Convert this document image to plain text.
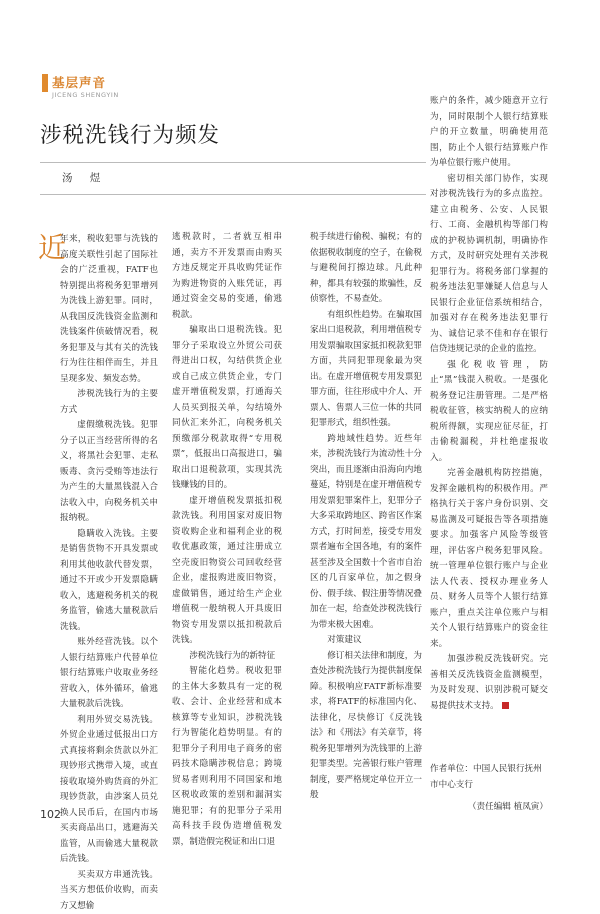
基层声音
JICENG SHENGYIN
涉税洗钱行为频发
汤 煜
近

年来，税收犯罪与洗钱的高度关联性引起了国际社会的广泛重视，FATF也特别提出将税务犯罪增列为洗钱上游犯罪。同时，从我国反洗钱资金监测和洗钱案件侦破情况看，税务犯罪及与其有关的洗钱行为往往相伴而生，并且呈现多发、频发态势。

涉税洗钱行为的主要方式

虚假缴税洗钱。犯罪分子以正当经营所得的名义，将黑社会犯罪、走私贩毒、贪污受贿等违法行为产生的大量黑钱混入合法收入中，向税务机关申报纳税。

隐瞒收入洗钱。主要是销售货物不开具发票或利用其他收款代替发票，通过不开或少开发票隐瞒收入，逃避税务机关的税务监管，偷逃大量税款后洗钱。

账外经营洗钱。以个人银行结算账户代替单位银行结算账户收取业务经营收入，体外循环，偷逃大量税款后洗钱。

利用外贸交易洗钱。外贸企业通过低报出口方式真接将剩余货款以外汇现钞形式携带入境，或直接收取境外购货商的外汇现钞货款，由涉案人员兑换人民币后，在国内市场买卖商品出口，逃避海关监管，从而偷逃大量税款后洗钱。

买卖双方串通洗钱。当买方想低价收购，而卖方又想偷

逃税款时，二者就互相串通，卖方不开发票而由购买方违反规定开具收购凭证作为购进物资的入账凭证，再通过资金交易的变通，偷逃税款。

骗取出口退税洗钱。犯罪分子采取设立外贸公司获得进出口权，勾结供货企业或自己成立供货企业，专门虚开增值税发票，打通海关人员买到报关单，勾结境外同伙汇来外汇，向税务机关预缴部分税款取得“专用税票”，低报出口高报进口，骗取出口退税款项，实现其洗钱赚钱的目的。

虚开增值税发票抵扣税款洗钱。利用国家对废旧物资收购企业和福利企业的税收优惠政策，通过注册成立空壳废旧物资公司回收经营企业，虚报购进废旧物资，虚做销售，通过给生产企业增值税一般纳税人开具废旧物资专用发票以抵扣税款后洗钱。

涉税洗钱行为的新特征

智能化趋势。税收犯罪的主体大多数具有一定的税收、会计、企业经营和成本核算等专业知识，涉税洗钱行为智能化趋势明显。有的犯罪分子利用电子商务的密码技术隐瞒涉税信息；跨境贸易者则利用不同国家和地区税收政策的差别和漏洞实施犯罪；有的犯罪分子采用高科技手段伪造增值税发票，制造假完税证和出口退

税手续进行偷税、骗税；有的依据税收制度的空子，在偷税与避税间打擦边球。凡此种种，都具有较强的欺骗性，反侦察性，不易查处。

有组织性趋势。在骗取国家出口退税款，利用增值税专用发票骗取国家抵扣税款犯罪方面，共同犯罪现象最为突出。在虚开增值税专用发票犯罪方面，往往形成中介人、开票人、售票人三位一体的共同犯罪形式，组织性强。

跨地域性趋势。近些年来，涉税洗钱行为流动性十分突出，而且逐渐由沿海向内地蔓延，特别是在虚开增值税专用发票犯罪案件上，犯罪分子大多采取跨地区、跨省区作案方式，打时间差，接受专用发票者遍布全国各地，有的案件甚至涉及全国数十个省市自治区的几百家单位，加之假身份、假手续、假注册等情况叠加在一起，给查处涉税洗钱行为带来极大困难。

对策建议

修订相关法律和制度，为查处涉税洗钱行为提供制度保障。积极响应FATF新标准要求，将FATF的标准国内化、法律化，尽快修订《反洗钱法》和《刑法》有关章节，将税务犯罪增列为洗钱罪的上游犯罪类型。完善银行账户管理制度，要严格规定单位开立一般

账户的条件，减少随意开立行为，同时限制个人银行结算账户的开立数量，明确使用范围，防止个人银行结算账户作为单位银行账户使用。

密切相关部门协作，实现对涉税洗钱行为的多点监控。建立由税务、公安、人民银行、工商、金融机构等部门构成的护税协调机制，明确协作方式，及时研究处理有关涉税犯罪行为。将税务部门掌握的税务违法犯罪嫌疑人信息与人民银行企业征信系统相结合，加强对存在税务违法犯罪行为、诚信记录不佳和存在银行信贷违规记录的企业的监控。

强化税收管理，防止“黑”钱混入税收。一是强化税务登记注册管理。二是严格税收征管，核实纳税人的应纳税所得额，实现应征尽征，打击偷税漏税，并杜绝虚报收入。

完善金融机构防控措施，发挥金融机构的积极作用。严格执行关于客户身份识别、交易监测及可疑报告等各项措施要求。加强客户风险等级管理，评估客户税务犯罪风险。统一管理单位银行账户与企业法人代表、授权办理业务人员、财务人员等个人银行结算账户，重点关注单位账户与相关个人银行结算账户的资金往来。

加强涉税反洗钱研究。完善相关反洗钱资金监测模型，为及时发现、识别涉税可疑交易提供技术支持。

作者单位：中国人民银行抚州市中心支行
（责任编辑 植凤寅）
102
